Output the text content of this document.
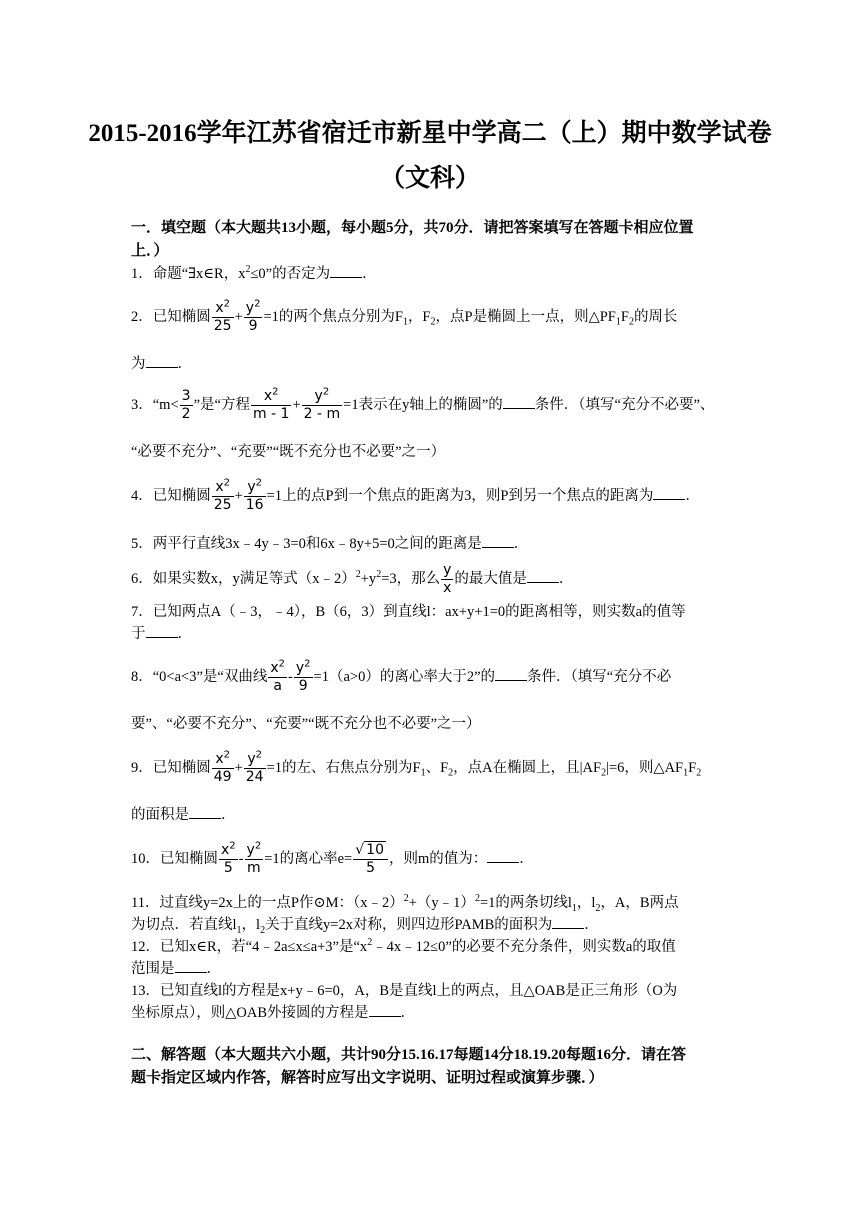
2015-2016学年江苏省宿迁市新星中学高二（上）期中数学试卷
（文科）
一．填空题（本大题共13小题，每小题5分，共70分．请把答案填写在答题卡相应位置
上．）
1．命题“∃x∈R，$x^2\le 0$”的否定为 ．
2．已知椭圆 $\frac{x^2}{25} + \frac{y^2}{9} =1$的两个焦点分别为$F_1$，$F_2$，点P是椭圆上一点，则$\triangle PF_1F_2$的周长
为 ．
3．“$m< \frac{3}{2}$ ”是“方程 $\frac{x^2}{m - 1} + \frac{y^2}{2 - m} =1$表示在y轴上的椭圆”的 条件．（填写“充分不必要”、
“必要不充分”、“充要”“既不充分也不必要”之一）
4．已知椭圆 $\frac{x^2}{25} + \frac{y^2}{16} =1$上的点P到一个焦点的距离为3，则P到另一个焦点的距离为 ．
5．两平行直线3x﹣4y﹣3=0和6x﹣8y+5=0之间的距离是 ．
6．如果实数x，y满足等式$(x﹣2)^2+y^2=3$，那么 $\frac{y}{x}$ 的最大值是 ．
7．已知两点A（﹣3，﹣4），B（6，3）到直线l：ax+y+1=0的距离相等，则实数a的值等
于 ．
8．“0<a<3”是“双曲线 $\frac{x^2}{a} - \frac{y^2}{9} =1(a>0)$的离心率大于2”的 条件．（填写“充分不必
要”、“必要不充分”、“充要”“既不充分也不必要”之一）
9．已知椭圆 $\frac{x^2}{49} + \frac{y^2}{24} =1$的左、右焦点分别为$F_1$、$F_2$，点A在椭圆上，且$|AF_2|=6$，则$\triangle AF_1F_2$
的面积是 ．
10．已知椭圆 $\frac{x^2}{5} - \frac{y^2}{m} =1$的离心率$e= \frac{√ 10}{5}$ ，则m的值为： ．
11．过直线y=2x上的一点P作⊙M：（x﹣2）$^2$+（y﹣1）$^2$=1的两条切线$l_1$，$l_2$，A，B两点
为切点．若直线$l_1$，$l_2$关于直线y=2x对称，则四边形PAMB的面积为 ．
12．已知x∈R，若“4﹣2a≤x≤a+3”是“$x^2﹣4x﹣12\le 0$”的必要不充分条件，则实数a的取值
范围是 ．
13．已知直线l的方程是x+y﹣6=0，A，B是直线l上的两点，且△OAB是正三角形（O为
坐标原点），则△OAB外接圆的方程是 ．
二、解答题（本大题共六小题，共计90分15.16.17每题14分18.19.20每题16分．请在答
题卡指定区域内作答，解答时应写出文字说明、证明过程或演算步骤．）
